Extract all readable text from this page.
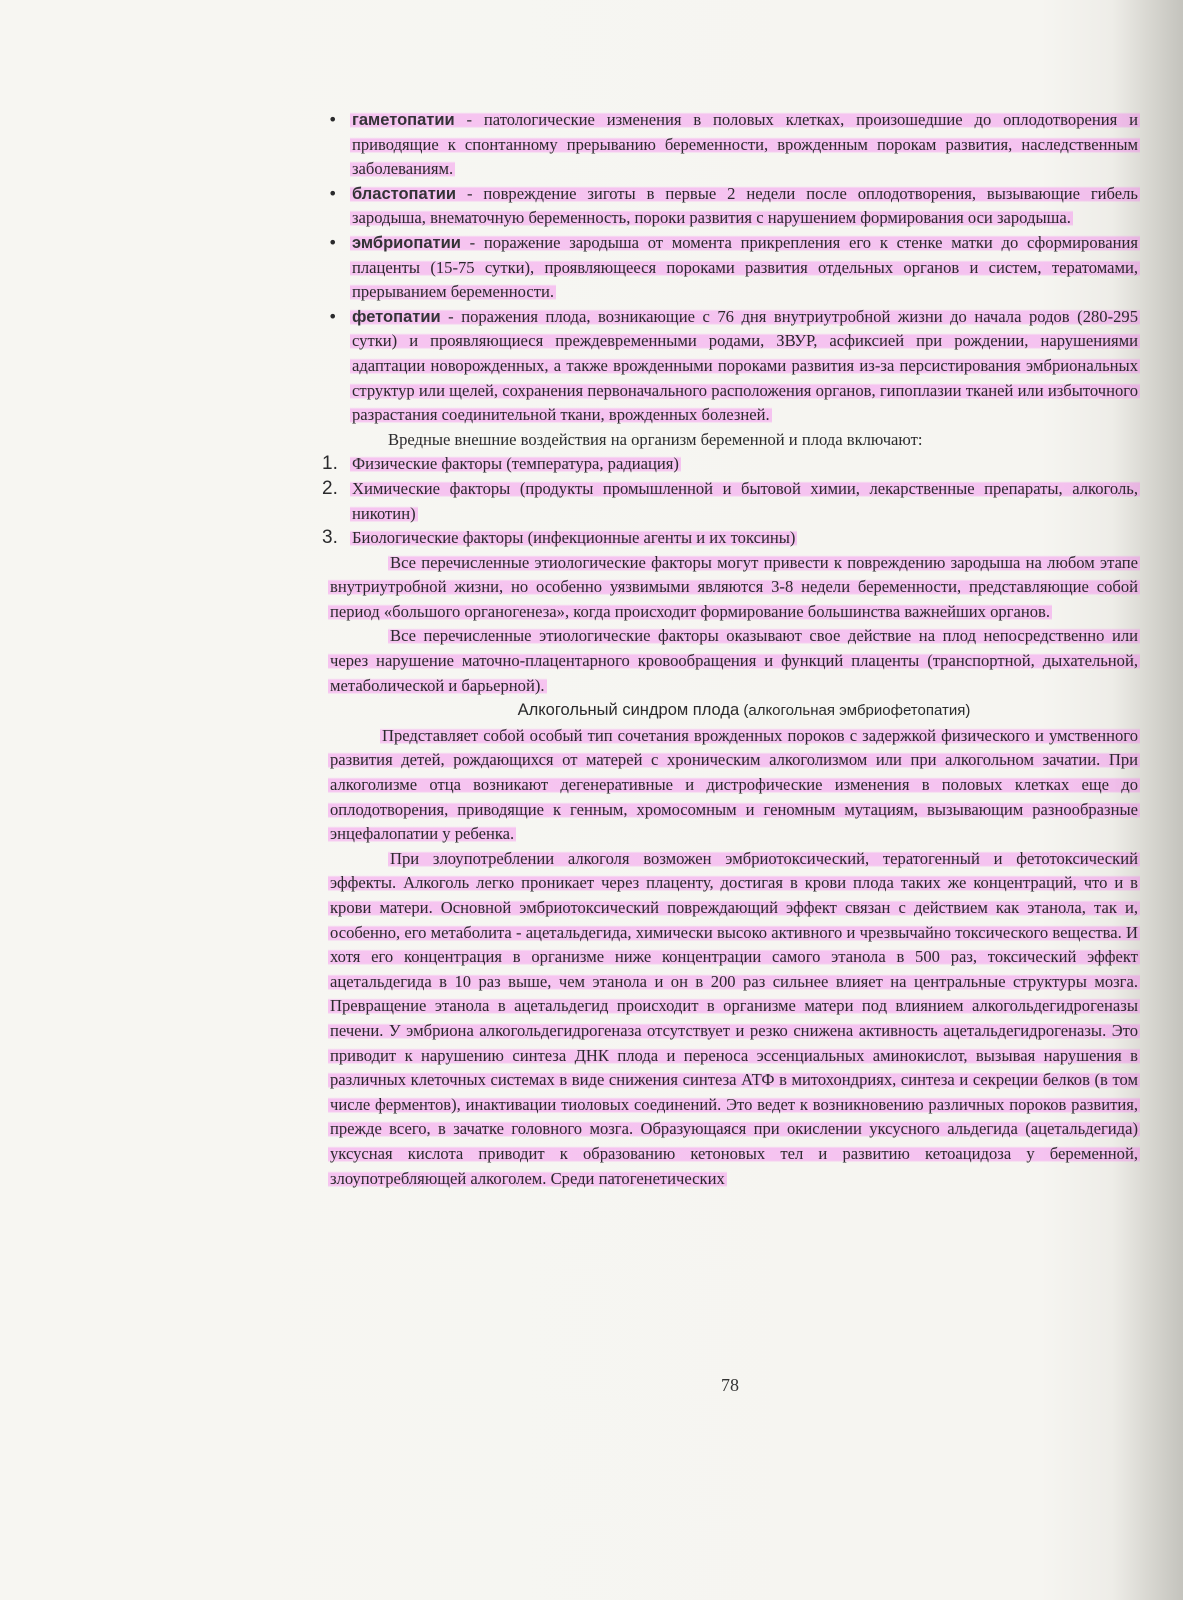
• гаметопатии - патологические изменения в половых клетках, произошедшие до оплодотворения и приводящие к спонтанному прерыванию беременности, врожденным порокам развития, наследственным заболеваниям.
• бластопатии - повреждение зиготы в первые 2 недели после оплодотворения, вызывающие гибель зародыша, внематочную беременность, пороки развития с нарушением формирования оси зародыша.
• эмбриопатии - поражение зародыша от момента прикрепления его к стенке матки до сформирования плаценты (15-75 сутки), проявляющееся пороками развития отдельных органов и систем, тератомами, прерыванием беременности.
• фетопатии - поражения плода, возникающие с 76 дня внутриутробной жизни до начала родов (280-295 сутки) и проявляющиеся преждевременными родами, ЗВУР, асфиксией при рождении, нарушениями адаптации новорожденных, а также врожденными пороками развития из-за персистирования эмбриональных структур или щелей, сохранения первоначального расположения органов, гипоплазии тканей или избыточного разрастания соединительной ткани, врожденных болезней.

Вредные внешние воздействия на организм беременной и плода включают:

1. Физические факторы (температура, радиация)
2. Химические факторы (продукты промышленной и бытовой химии, лекарственные препараты, алкоголь, никотин)
3. Биологические факторы (инфекционные агенты и их токсины)

Все перечисленные этиологические факторы могут привести к повреждению зародыша на любом этапе внутриутробной жизни, но особенно уязвимыми являются 3-8 недели беременности, представляющие собой период «большого органогенеза», когда происходит формирование большинства важнейших органов.

Все перечисленные этиологические факторы оказывают свое действие на плод непосредственно или через нарушение маточно-плацентарного кровообращения и функций плаценты (транспортной, дыхательной, метаболической и барьерной).

Алкогольный синдром плода (алкогольная эмбриофетопатия)

Представляет собой особый тип сочетания врожденных пороков с задержкой физического и умственного развития детей, рождающихся от матерей с хроническим алкоголизмом или при алкогольном зачатии. При алкоголизме отца возникают дегенеративные и дистрофические изменения в половых клетках еще до оплодотворения, приводящие к генным, хромосомным и геномным мутациям, вызывающим разнообразные энцефалопатии у ребенка.

При злоупотреблении алкоголя возможен эмбриотоксический, тератогенный и фетотоксический эффекты. Алкоголь легко проникает через плаценту, достигая в крови плода таких же концентраций, что и в крови матери. Основной эмбриотоксический повреждающий эффект связан с действием как этанола, так и, особенно, его метаболита - ацетальдегида, химически высоко активного и чрезвычайно токсического вещества. И хотя его концентрация в организме ниже концентрации самого этанола в 500 раз, токсический эффект ацетальдегида в 10 раз выше, чем этанола и он в 200 раз сильнее влияет на центральные структуры мозга. Превращение этанола в ацетальдегид происходит в организме матери под влиянием алкогольдегидрогеназы печени. У эмбриона алкогольдегидрогеназа отсутствует и резко снижена активность ацетальдегидрогеназы. Это приводит к нарушению синтеза ДНК плода и переноса эссенциальных аминокислот, вызывая нарушения в различных клеточных системах в виде снижения синтеза АТФ в митохондриях, синтеза и секреции белков (в том числе ферментов), инактивации тиоловых соединений. Это ведет к возникновению различных пороков развития, прежде всего, в зачатке головного мозга. Образующаяся при окислении уксусного альдегида (ацетальдегида) уксусная кислота приводит к образованию кетоновых тел и развитию кетоацидоза у беременной, злоупотребляющей алкоголем. Среди патогенетических

78
